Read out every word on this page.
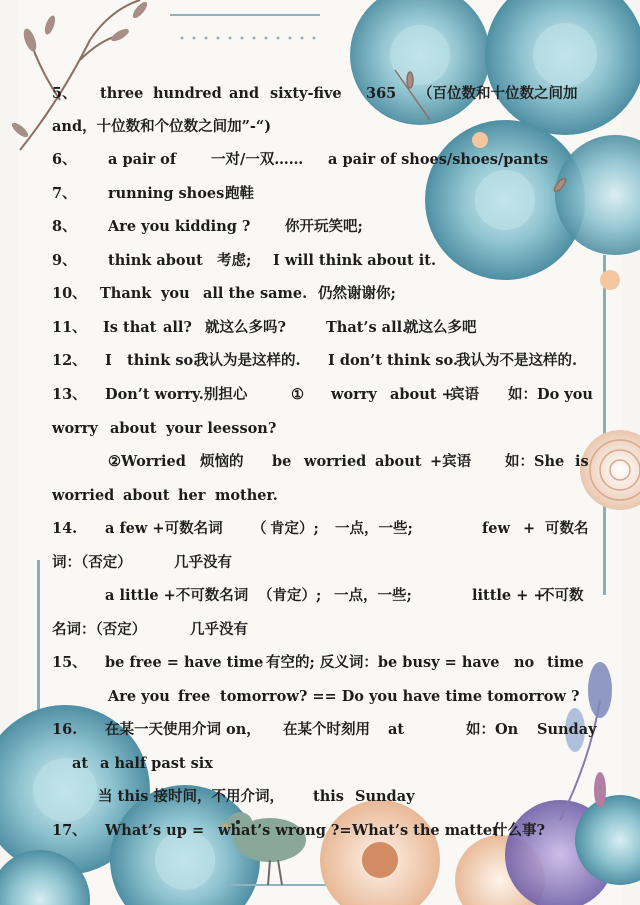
5、 three hundred and sixty-five 365 （百位数和十位数之间加
and，十位数和个位数之间加”-“)
6、 a pair of 一对/一双…… a pair of shoes/shoes/pants
7、 running shoes 跑鞋
8、 Are you kidding ? 你开玩笑吧;
9、 think about 考虑; I will think about it.
10、 Thank you all the same. 仍然谢谢你;
11、 Is that all? 就这么多吗?	That’s all.
就这么多吧
12、 I think so.
我认为是这样的. I don’t think so.
我认为不是这样的.
13、 Don’t worry.别担心	① worry about +
宾语 如：Do you
worry about your leesson?
②Worried 烦恼的 be worried about +宾语 如：She is
worried about her mother.
14. a few +可数名词 （ 肯定）; 一点，一些;	few + 可数名
词：（否定）	几乎没有
a little +不可数名词 （肯定）; 一点，一些;	little + +
不可数
名词：（否定）	几乎没有
15、 be free = have time 有空的; 反义词：be busy = have no time
Are you free tomorrow? == Do you have time tomorrow ?
16. 在某一天使用介词 on， 在某个时刻用 at	如：On Sunday
at a half past six
当 this 接时间，不用介词， this Sunday
17、 What’s up = what’s wrong ?= What’s the matter
什么事?
